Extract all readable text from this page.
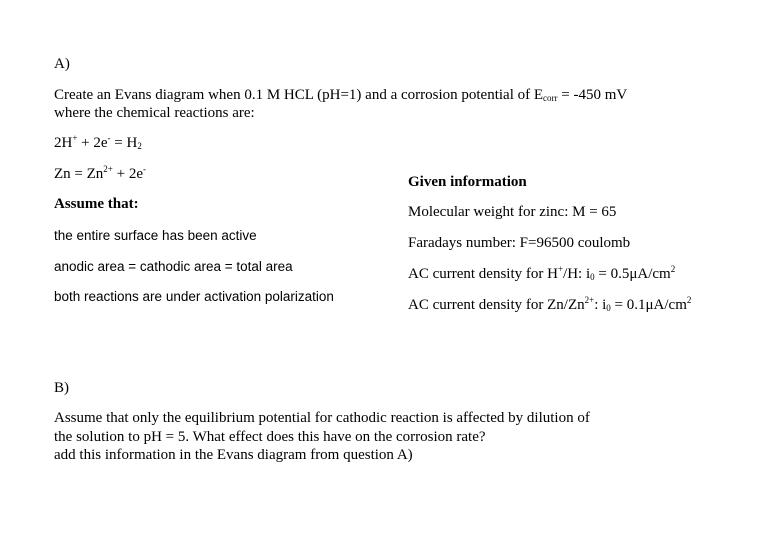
A)
Create an Evans diagram when 0.1 M HCL (pH=1) and a corrosion potential of $E_{corr} = -450$ mV
where the chemical reactions are:
$2H^+ + 2e^- = H_2$
$Zn = Zn^{2+} + 2e^-$
Assume that:
the entire surface has been active
anodic area = cathodic area = total area
both reactions are under activation polarization
Given information
Molecular weight for zinc: M = 65
Faradays number: F=96500 coulomb
AC current density for H+/H: $i_0 = 0.5\mu A/cm^2$
AC current density for $Zn/Zn^{2+}$: $i_0 = 0.1\mu A/cm^2$
B)
Assume that only the equilibrium potential for cathodic reaction is affected by dilution of
the solution to pH = 5. What effect does this have on the corrosion rate?
add this information in the Evans diagram from question A)
